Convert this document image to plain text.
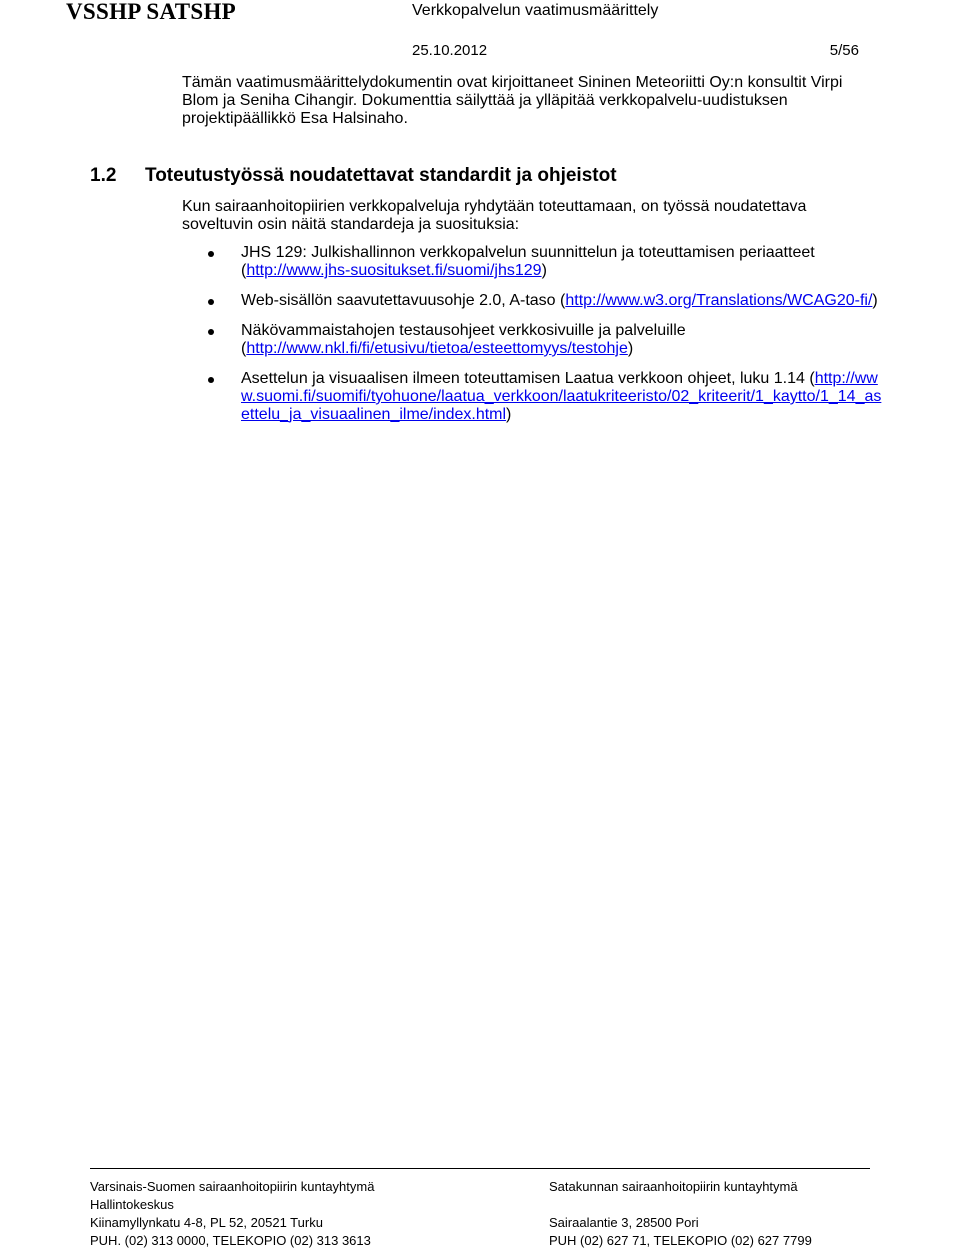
VSSHP SATSHP	Verkkopalvelun vaatimusmäärittely
25.10.2012	5/56

Tämän vaatimusmäärittelydokumentin ovat kirjoittaneet Sininen Meteoriitti Oy:n konsultit Virpi Blom ja Seniha Cihangir. Dokumenttia säilyttää ja ylläpitää verkkopalvelu-uudistuksen projektipäällikkö Esa Halsinaho.

1.2 Toteutustyössä noudatettavat standardit ja ohjeistot

Kun sairaanhoitopiirien verkkopalveluja ryhdytään toteuttamaan, on työssä noudatettava soveltuvin osin näitä standardeja ja suosituksia:

JHS 129: Julkishallinnon verkkopalvelun suunnittelun ja toteuttamisen periaatteet (http://www.jhs-suositukset.fi/suomi/jhs129)
Web-sisällön saavutettavuusohje 2.0, A-taso (http://www.w3.org/Translations/WCAG20-fi/)
Näkövammaistahojen testausohjeet verkkosivuille ja palveluille (http://www.nkl.fi/fi/etusivu/tietoa/esteettomyys/testohje)
Asettelun ja visuaalisen ilmeen toteuttamisen Laatua verkkoon ohjeet, luku 1.14 (http://www.suomi.fi/suomifi/tyohuone/laatua_verkkoon/laatukriteeristo/02_kriteerit/1_kaytto/1_14_asettelu_ja_visuaalinen_ilme/index.html)
Varsinais-Suomen sairaanhoitopiirin kuntayhtymä
Hallintokeskus
Kiinamyllynkatu 4-8, PL 52, 20521 Turku
PUH. (02) 313 0000, TELEKOPIO (02) 313 3613
Satakunnan sairaanhoitopiirin kuntayhtymä
Sairaalantie 3, 28500 Pori
PUH (02) 627 71, TELEKOPIO (02) 627 7799
